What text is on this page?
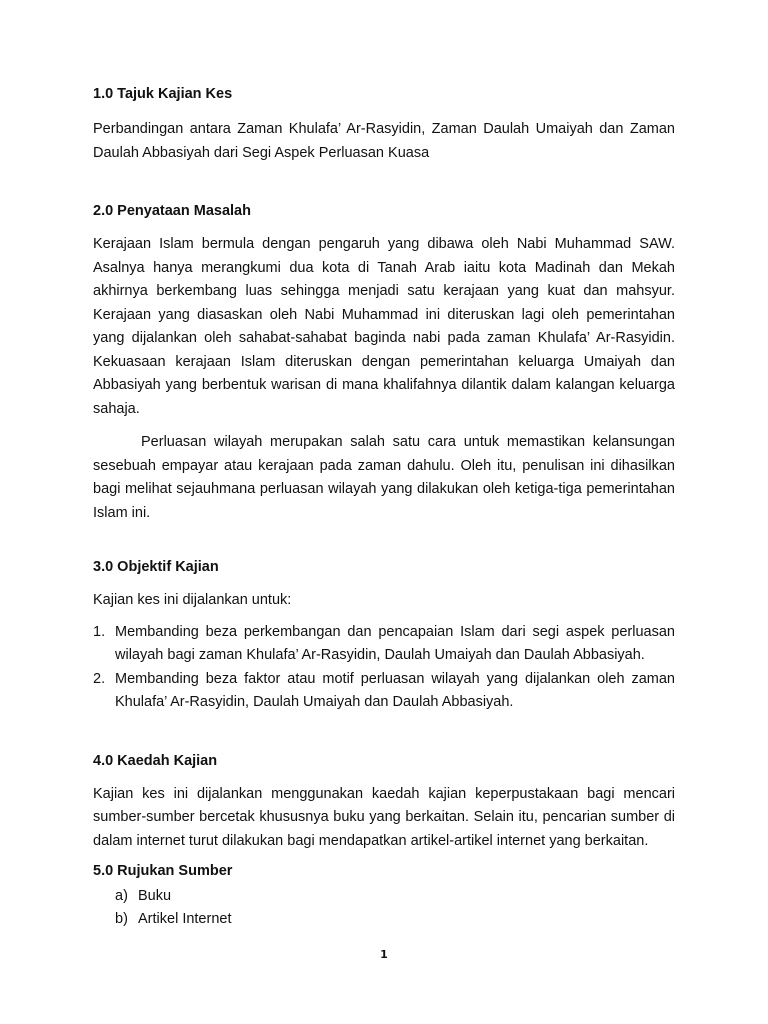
1.0 Tajuk Kajian Kes

Perbandingan antara Zaman Khulafa’ Ar-Rasyidin, Zaman Daulah Umaiyah dan Zaman Daulah Abbasiyah dari Segi Aspek Perluasan Kuasa

2.0 Penyataan Masalah

Kerajaan Islam bermula dengan pengaruh yang dibawa oleh Nabi Muhammad SAW. Asalnya hanya merangkumi dua kota di Tanah Arab iaitu kota Madinah dan Mekah akhirnya berkembang luas sehingga menjadi satu kerajaan yang kuat dan mahsyur. Kerajaan yang diasaskan oleh Nabi Muhammad ini diteruskan lagi oleh pemerintahan yang dijalankan oleh sahabat-sahabat baginda nabi pada zaman Khulafa’ Ar-Rasyidin. Kekuasaan kerajaan Islam diteruskan dengan pemerintahan keluarga Umaiyah dan Abbasiyah yang berbentuk warisan di mana khalifahnya dilantik dalam kalangan keluarga sahaja.

Perluasan wilayah merupakan salah satu cara untuk memastikan kelansungan sesebuah empayar atau kerajaan pada zaman dahulu. Oleh itu, penulisan ini dihasilkan bagi melihat sejauhmana perluasan wilayah yang dilakukan oleh ketiga-tiga pemerintahan Islam ini.

3.0 Objektif Kajian

Kajian kes ini dijalankan untuk:

1. Membanding beza perkembangan dan pencapaian Islam dari segi aspek perluasan wilayah bagi zaman Khulafa’ Ar-Rasyidin, Daulah Umaiyah dan Daulah Abbasiyah.
2. Membanding beza faktor atau motif perluasan wilayah yang dijalankan oleh zaman Khulafa’ Ar-Rasyidin, Daulah Umaiyah dan Daulah Abbasiyah.
4.0 Kaedah Kajian

Kajian kes ini dijalankan menggunakan kaedah kajian keperpustakaan bagi mencari sumber-sumber bercetak khususnya buku yang berkaitan. Selain itu, pencarian sumber di dalam internet turut dilakukan bagi mendapatkan artikel-artikel internet yang berkaitan.

5.0 Rujukan Sumber
a) Buku
b) Artikel Internet
1
